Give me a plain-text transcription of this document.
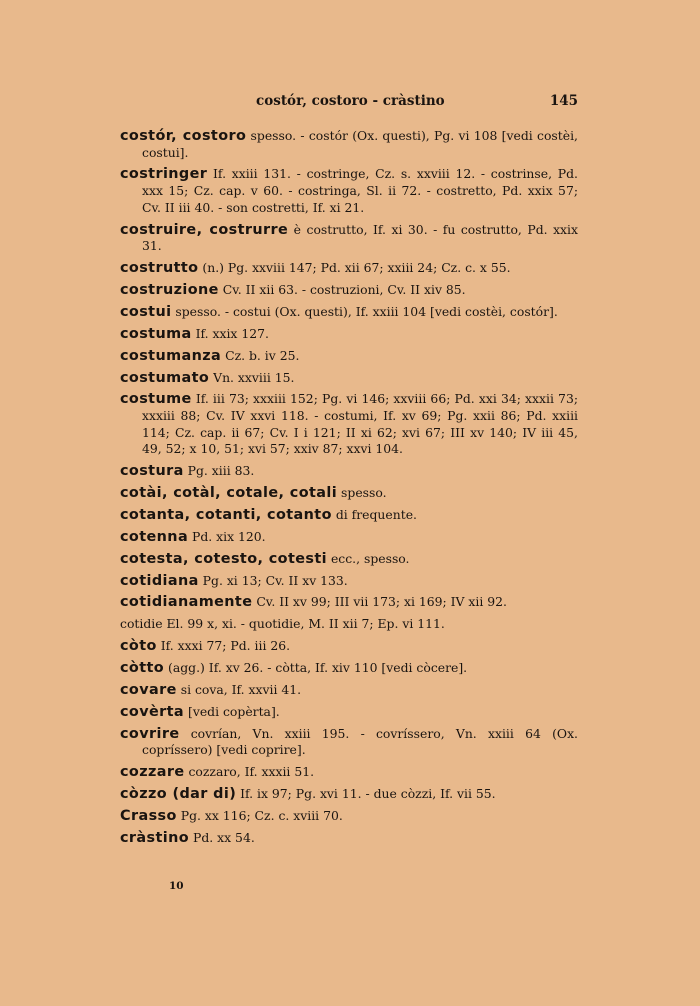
costór, costoro - cràstino	145
costór, costoro spesso. - costór (Ox. questi), Pg. vi 108 [vedi costèi, costui].
costringer If. xxiii 131. - costringe, Cz. s. xxviii 12. - costrinse, Pd. xxx 15; Cz. cap. v 60. - costringa, Sl. ii 72. - costretto, Pd. xxix 57; Cv. II iii 40. - son costretti, If. xi 21.
costruire, costrurre è costrutto, If. xi 30. - fu costrutto, Pd. xxix 31.
costrutto (n.) Pg. xxviii 147; Pd. xii 67; xxiii 24; Cz. c. x 55.
costruzione Cv. II xii 63. - costruzioni, Cv. II xiv 85.
costui spesso. - costui (Ox. questi), If. xxiii 104 [vedi costèi, costór].
costuma If. xxix 127.
costumanza Cz. b. iv 25.
costumato Vn. xxviii 15.
costume If. iii 73; xxxiii 152; Pg. vi 146; xxviii 66; Pd. xxi 34; xxxii 73; xxxiii 88; Cv. IV xxvi 118. - costumi, If. xv 69; Pg. xxii 86; Pd. xxiii 114; Cz. cap. ii 67; Cv. I i 121; II xi 62; xvi 67; III xv 140; IV iii 45, 49, 52; x 10, 51; xvi 57; xxiv 87; xxvi 104.
costura Pg. xiii 83.
cotài, cotàl, cotale, cotali spesso.
cotanta, cotanti, cotanto di frequente.
cotenna Pd. xix 120.
cotesta, cotesto, cotesti ecc., spesso.
cotidiana Pg. xi 13; Cv. II xv 133.
cotidianamente Cv. II xv 99; III vii 173; xi 169; IV xii 92.
cotidie El. 99 x, xi. - quotidie, M. II xii 7; Ep. vi 111.
còto If. xxxi 77; Pd. iii 26.
còtto (agg.) If. xv 26. - còtta, If. xiv 110 [vedi còcere].
covare si cova, If. xxvii 41.
covèrta [vedi copèrta].
covrire covrían, Vn. xxiii 195. - covríssero, Vn. xxiii 64 (Ox. copríssero) [vedi coprire].
cozzare cozzaro, If. xxxii 51.
còzzo (dar di) If. ix 97; Pg. xvi 11. - due còzzi, If. vii 55.
Crasso Pg. xx 116; Cz. c. xviii 70.
cràstino Pd. xx 54.
10
